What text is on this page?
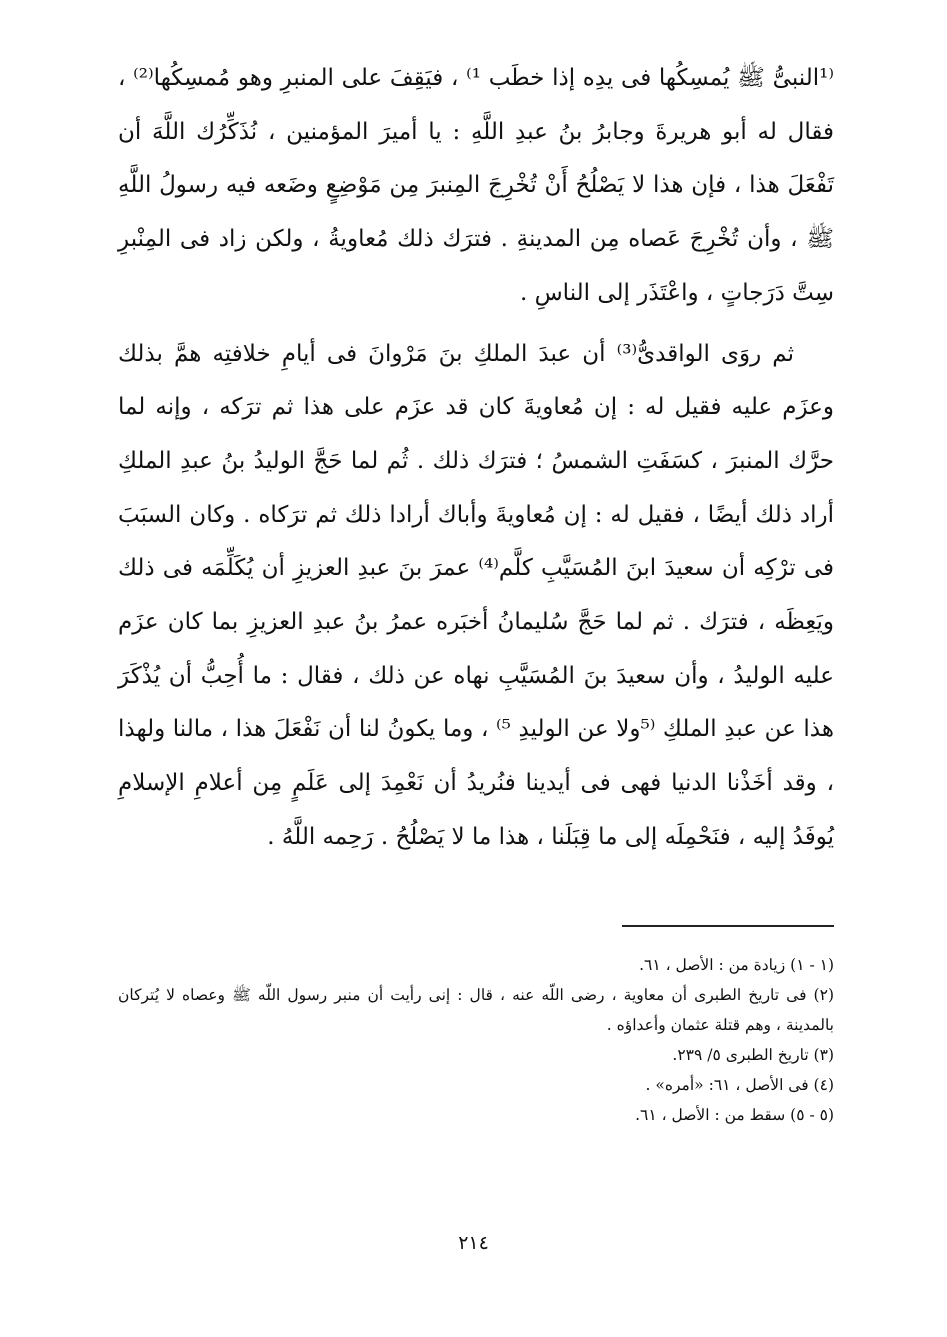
⁽¹النبىُّ ﷺ يُمسِكُها فى يدِه إذا خطَب ¹⁾ ، فيَقِفَ على المنبرِ وهو مُمسِكُها⁽²⁾ ، فقال له أبو هريرةَ وجابرُ بنُ عبدِ اللَّهِ : يا أميرَ المؤمنين ، نُذَكِّرُك اللَّهَ أن تَفْعَلَ هذا ، فإن هذا لا يَصْلُحُ أَنْ تُخْرِجَ المِنبرَ مِن مَوْضِعٍ وضَعه فيه رسولُ اللَّهِ ﷺ ، وأن تُخْرِجَ عَصاه مِن المدينةِ . فترَك ذلك مُعاويةُ ، ولكن زاد فى المِنْبرِ سِتَّ دَرَجاتٍ ، واعْتَذَر إلى الناسِ .

ثم روَى الواقدىُّ⁽³⁾ أن عبدَ الملكِ بنَ مَرْوانَ فى أيامِ خلافتِه همَّ بذلك وعزَم عليه فقيل له : إن مُعاويةَ كان قد عزَم على هذا ثم ترَكه ، وإنه لما حرَّك المنبرَ ، كسَفَتِ الشمسُ ؛ فترَك ذلك . ثُم لما حَجَّ الوليدُ بنُ عبدِ الملكِ أراد ذلك أيضًا ، فقيل له : إن مُعاويةَ وأباك أرادا ذلك ثم ترَكاه . وكان السبَبَ فى ترْكِه أن سعيدَ ابنَ المُسَيَّبِ كلَّم⁽⁴⁾ عمرَ بنَ عبدِ العزيزِ أن يُكَلِّمَه فى ذلك ويَعِظَه ، فترَك . ثم لما حَجَّ سُليمانُ أخبَره عمرُ بنُ عبدِ العزيزِ بما كان عزَم عليه الوليدُ ، وأن سعيدَ بنَ المُسَيَّبِ نهاه عن ذلك ، فقال : ما أُحِبُّ أن يُذْكَرَ هذا عن عبدِ الملكِ ⁽⁵ولا عن الوليدِ ⁵⁾ ، وما يكونُ لنا أن نَفْعَلَ هذا ، مالنا ولهذا ، وقد أخَذْنا الدنيا فهى فى أيدينا فنُريدُ أن نَعْمِدَ إلى عَلَمٍ مِن أعلامِ الإسلامِ يُوفَدُ إليه ، فنَحْمِلَه إلى ما قِبَلَنا ، هذا ما لا يَصْلُحُ . رَحِمه اللَّهُ .

(١ - ١) زيادة من : الأصل ، ٦١.

(٢) فى تاريخ الطبرى أن معاوية ، رضى اللّه عنه ، قال : إنى رأيت أن منبر رسول اللّه ﷺ وعصاه لا يُتركان بالمدينة ، وهم قتلة عثمان وأعداؤه .

(٣) تاريخ الطبرى ٥/ ٢٣٩.

(٤) فى الأصل ، ٦١: «أمره» .

(٥ - ٥) سقط من : الأصل ، ٦١.

٢١٤
